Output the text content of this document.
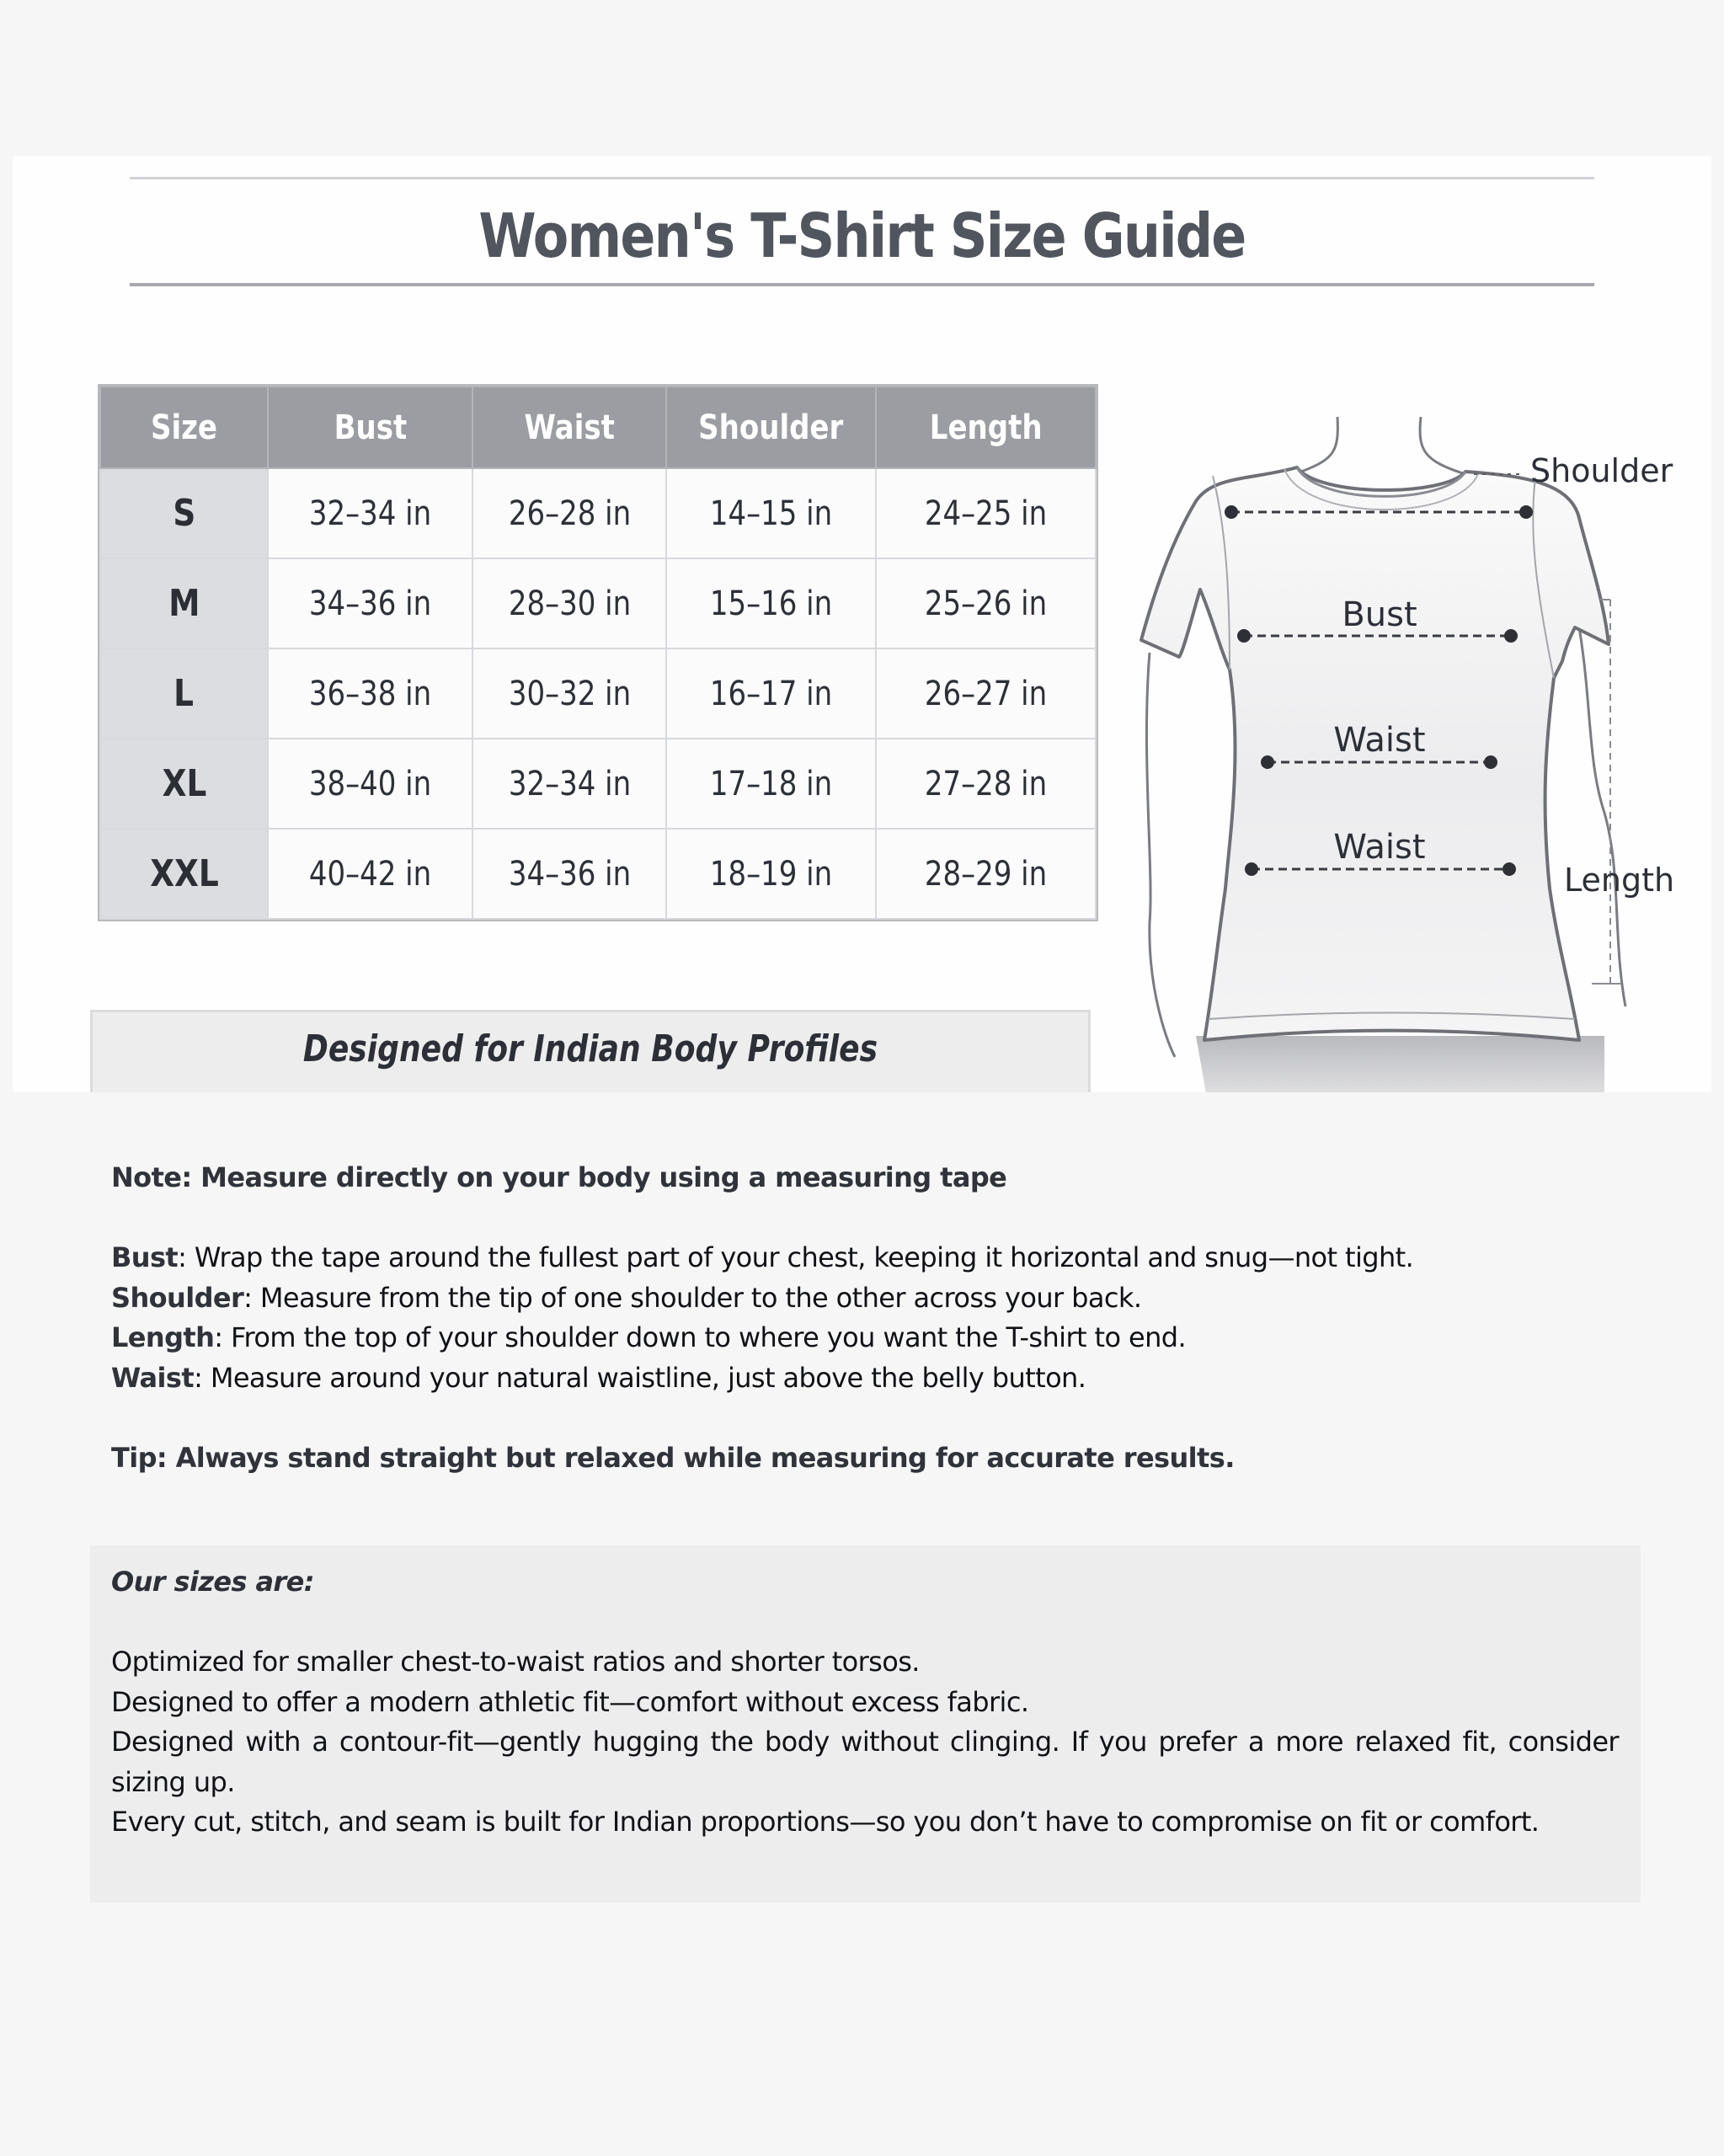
Women's T-Shirt Size Guide
Size	Bust	Waist	Shoulder	Length
S	32–34 in	26–28 in	14–15 in	24–25 in
M	34–36 in	28–30 in	15–16 in	25–26 in
L	36–38 in	30–32 in	16–17 in	26–27 in
XL	38–40 in	32–34 in	17–18 in	27–28 in
XXL	40–42 in	34–36 in	18–19 in	28–29 in
Designed for Indian Body Profiles
Shoulder
Bust
Waist
Waist
Length
Note: Measure directly on your body using a measuring tape
Bust: Wrap the tape around the fullest part of your chest, keeping it horizontal and snug—not tight.
Shoulder: Measure from the tip of one shoulder to the other across your back.
Length: From the top of your shoulder down to where you want the T-shirt to end.
Waist: Measure around your natural waistline, just above the belly button.
Tip: Always stand straight but relaxed while measuring for accurate results.
Our sizes are:
Optimized for smaller chest-to-waist ratios and shorter torsos.
Designed to offer a modern athletic fit—comfort without excess fabric.
Designed with a contour-fit—gently hugging the body without clinging. If you prefer a more relaxed fit, consider sizing up.
Every cut, stitch, and seam is built for Indian proportions—so you don’t have to compromise on fit or comfort.
